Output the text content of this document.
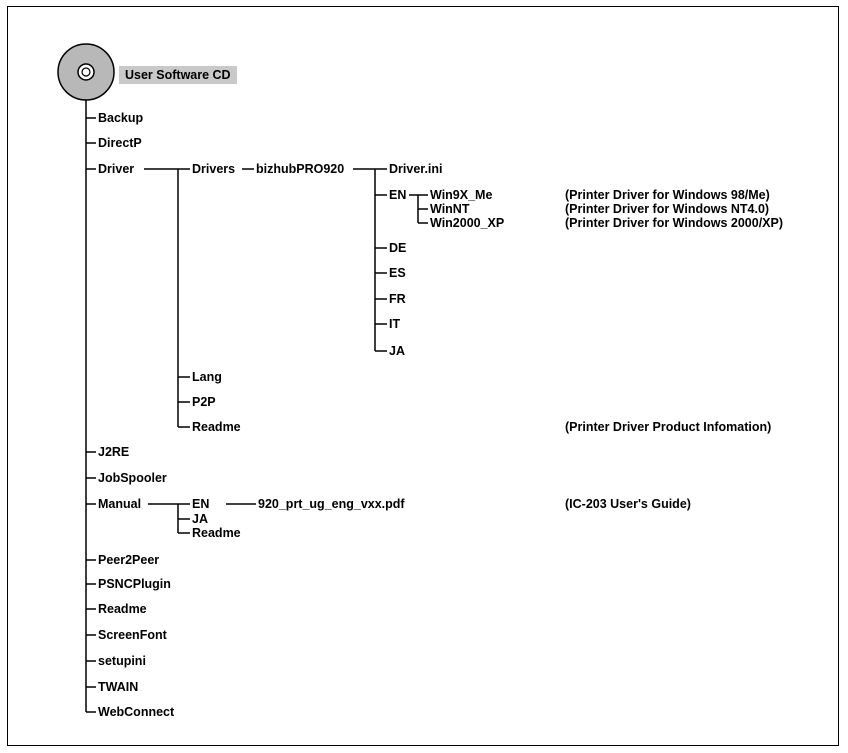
User Software CD
Backup
DirectP
Driver
J2RE
JobSpooler
Manual
Peer2Peer
PSNCPlugin
Readme
ScreenFont
setupini
TWAIN
WebConnect
Drivers bizhubPRO920	Driver.ini
EN Win9X_Me
WinNT
Win2000_XP
DE
ES
FR
IT
JA
Lang
P2P
Readme
EN	920_prt_ug_eng_vxx.pdf
JA
Readme
(Printer Driver for Windows 98/Me)
(Printer Driver for Windows NT4.0)
(Printer Driver for Windows 2000/XP)
(Printer Driver Product Infomation)
(IC-203 User's Guide)
